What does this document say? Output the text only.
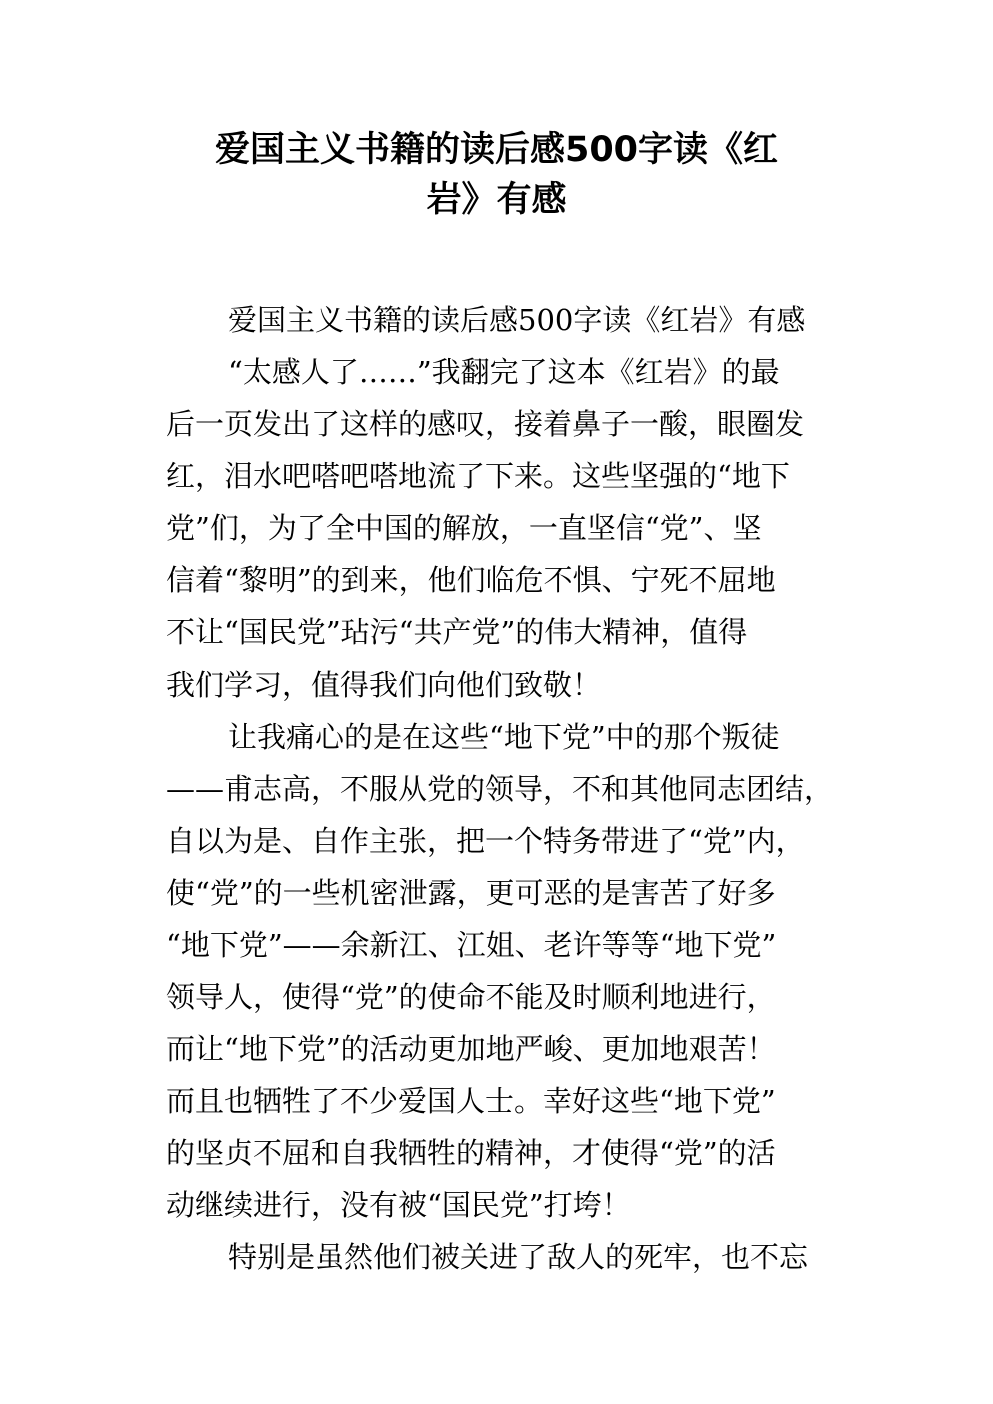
爱国主义书籍的读后感500字读《红
岩》有感
爱国主义书籍的读后感500字读《红岩》有感
“太感人了……”我翻完了这本《红岩》的最
后一页发出了这样的感叹，接着鼻子一酸，眼圈发
红，泪水吧嗒吧嗒地流了下来。这些坚强的“地下
党”们，为了全中国的解放，一直坚信“党”、坚
信着“黎明”的到来，他们临危不惧、宁死不屈地
不让“国民党”玷污“共产党”的伟大精神，值得
我们学习，值得我们向他们致敬！
让我痛心的是在这些“地下党”中的那个叛徒
——甫志高，不服从党的领导，不和其他同志团结，
自以为是、自作主张，把一个特务带进了“党”内，
使“党”的一些机密泄露，更可恶的是害苦了好多
“地下党”——余新江、江姐、老许等等“地下党”
领导人，使得“党”的使命不能及时顺利地进行，
而让“地下党”的活动更加地严峻、更加地艰苦！
而且也牺牲了不少爱国人士。幸好这些“地下党”
的坚贞不屈和自我牺牲的精神，才使得“党”的活
动继续进行，没有被“国民党”打垮！
特别是虽然他们被关进了敌人的死牢，也不忘
